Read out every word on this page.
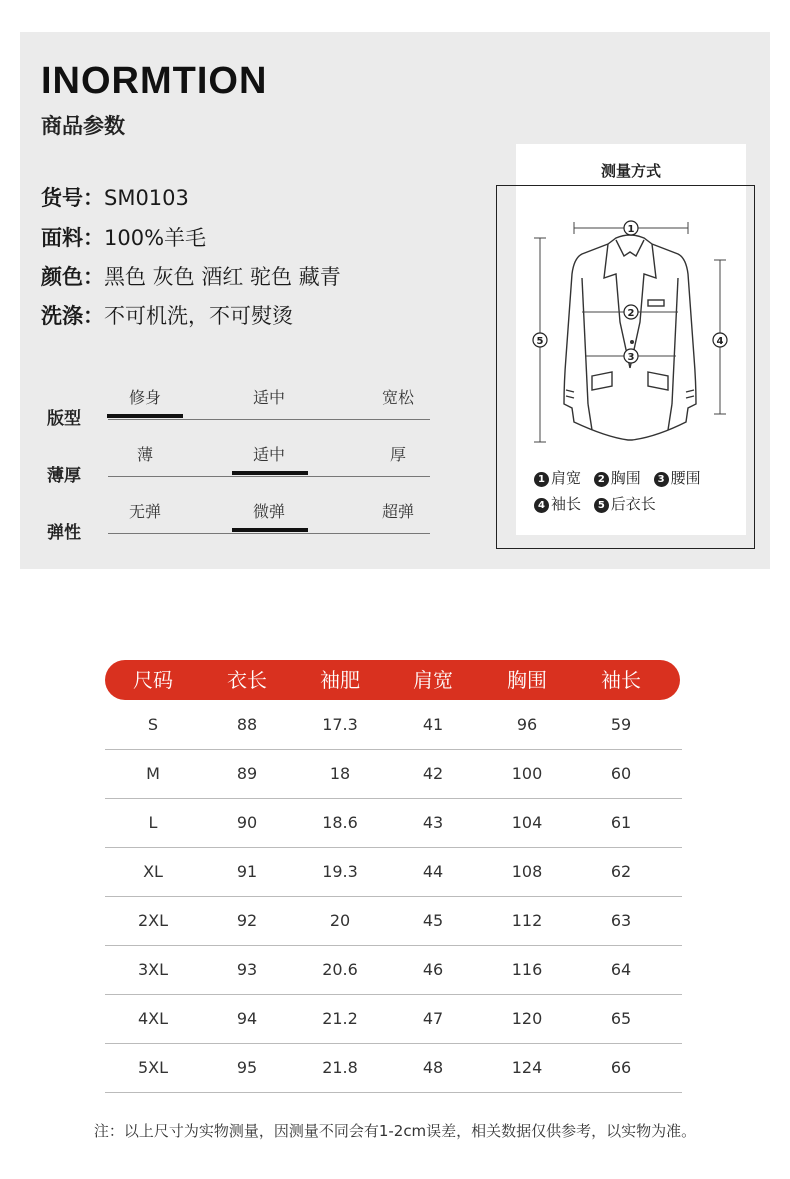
INORMTION
商品参数
货号：SM0103
面料：100%羊毛
颜色：黑色 灰色 酒红 驼色 藏青
洗涤：不可机洗，不可熨烫
版型
修身	适中	宽松
薄厚
薄	适中	厚
弹性
无弹	微弹	超弹
测量方式
1
2
3
4
5
1 肩宽 2 胸围 3 腰围
4 袖长 5 后衣长
尺码	衣长	袖肥	肩宽	胸围	袖长
S	88	17.3	41	96	59
M	89	18	42	100	60
L	90	18.6	43	104	61
XL	91	19.3	44	108	62
2XL	92	20	45	112	63
3XL	93	20.6	46	116	64
4XL	94	21.2	47	120	65
5XL	95	21.8	48	124	66
注：以上尺寸为实物测量，因测量不同会有1-2cm误差，相关数据仅供参考，以实物为准。
